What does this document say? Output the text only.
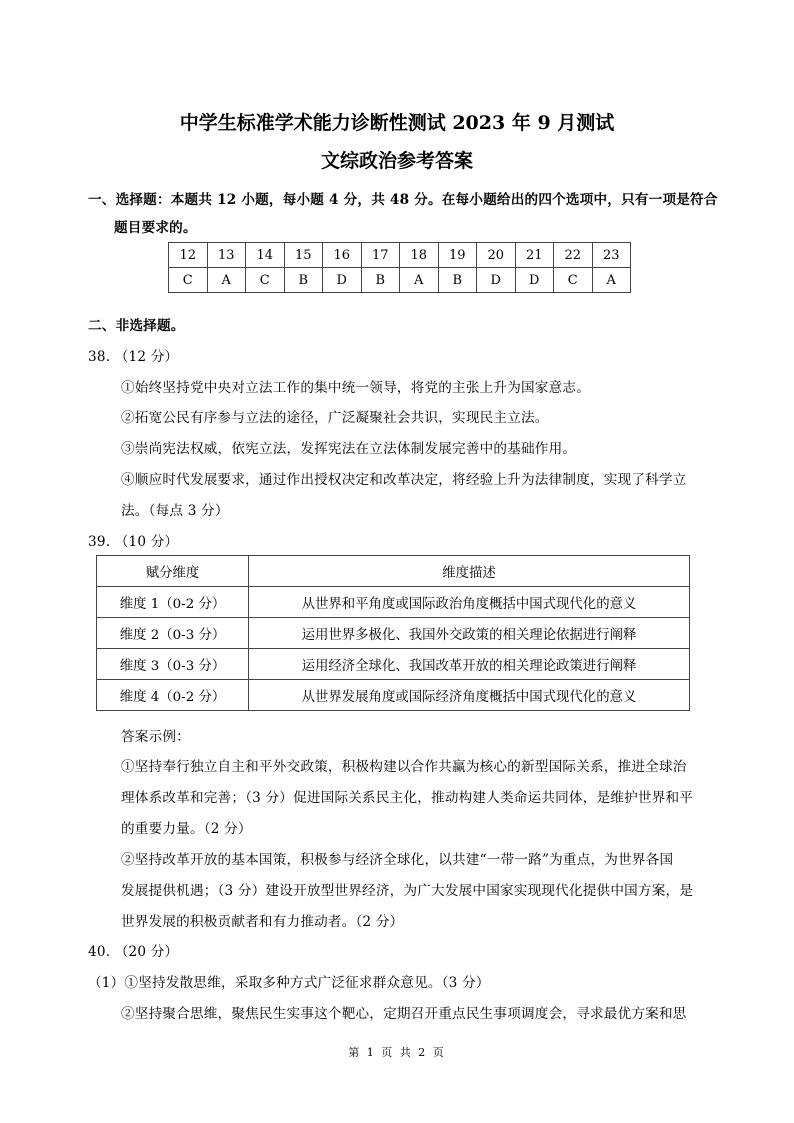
中学生标准学术能力诊断性测试 2023 年 9 月测试
文综政治参考答案
一、选择题：本题共 12 小题，每小题 4 分，共 48 分。在每小题给出的四个选项中，只有一项是符合
题目要求的。
12	13	14	15	16	17	18	19	20	21	22	23
C	A	C	B	D	B	A	B	D	D	C	A
二、非选择题。
38. （12 分）
①始终坚持党中央对立法工作的集中统一领导，将党的主张上升为国家意志。
②拓宽公民有序参与立法的途径，广泛凝聚社会共识，实现民主立法。
③崇尚宪法权威，依宪立法，发挥宪法在立法体制发展完善中的基础作用。
④顺应时代发展要求，通过作出授权决定和改革决定，将经验上升为法律制度，实现了科学立
法。（每点 3 分）
39. （10 分）
赋分维度	维度描述
维度 1（0-2 分）	从世界和平角度或国际政治角度概括中国式现代化的意义
维度 2（0-3 分）	运用世界多极化、我国外交政策的相关理论依据进行阐释
维度 3（0-3 分）	运用经济全球化、我国改革开放的相关理论政策进行阐释
维度 4（0-2 分）	从世界发展角度或国际经济角度概括中国式现代化的意义
答案示例：
①坚持奉行独立自主和平外交政策，积极构建以合作共赢为核心的新型国际关系，推进全球治
理体系改革和完善；（3 分）促进国际关系民主化，推动构建人类命运共同体，是维护世界和平
的重要力量。（2 分）
②坚持改革开放的基本国策，积极参与经济全球化，以共建“一带一路”为重点，为世界各国
发展提供机遇；（3 分）建设开放型世界经济，为广大发展中国家实现现代化提供中国方案，是
世界发展的积极贡献者和有力推动者。（2 分）
40. （20 分）
（1）①坚持发散思维，采取多种方式广泛征求群众意见。（3 分）
②坚持聚合思维，聚焦民生实事这个靶心，定期召开重点民生事项调度会，寻求最优方案和思
第 1 页 共 2 页
